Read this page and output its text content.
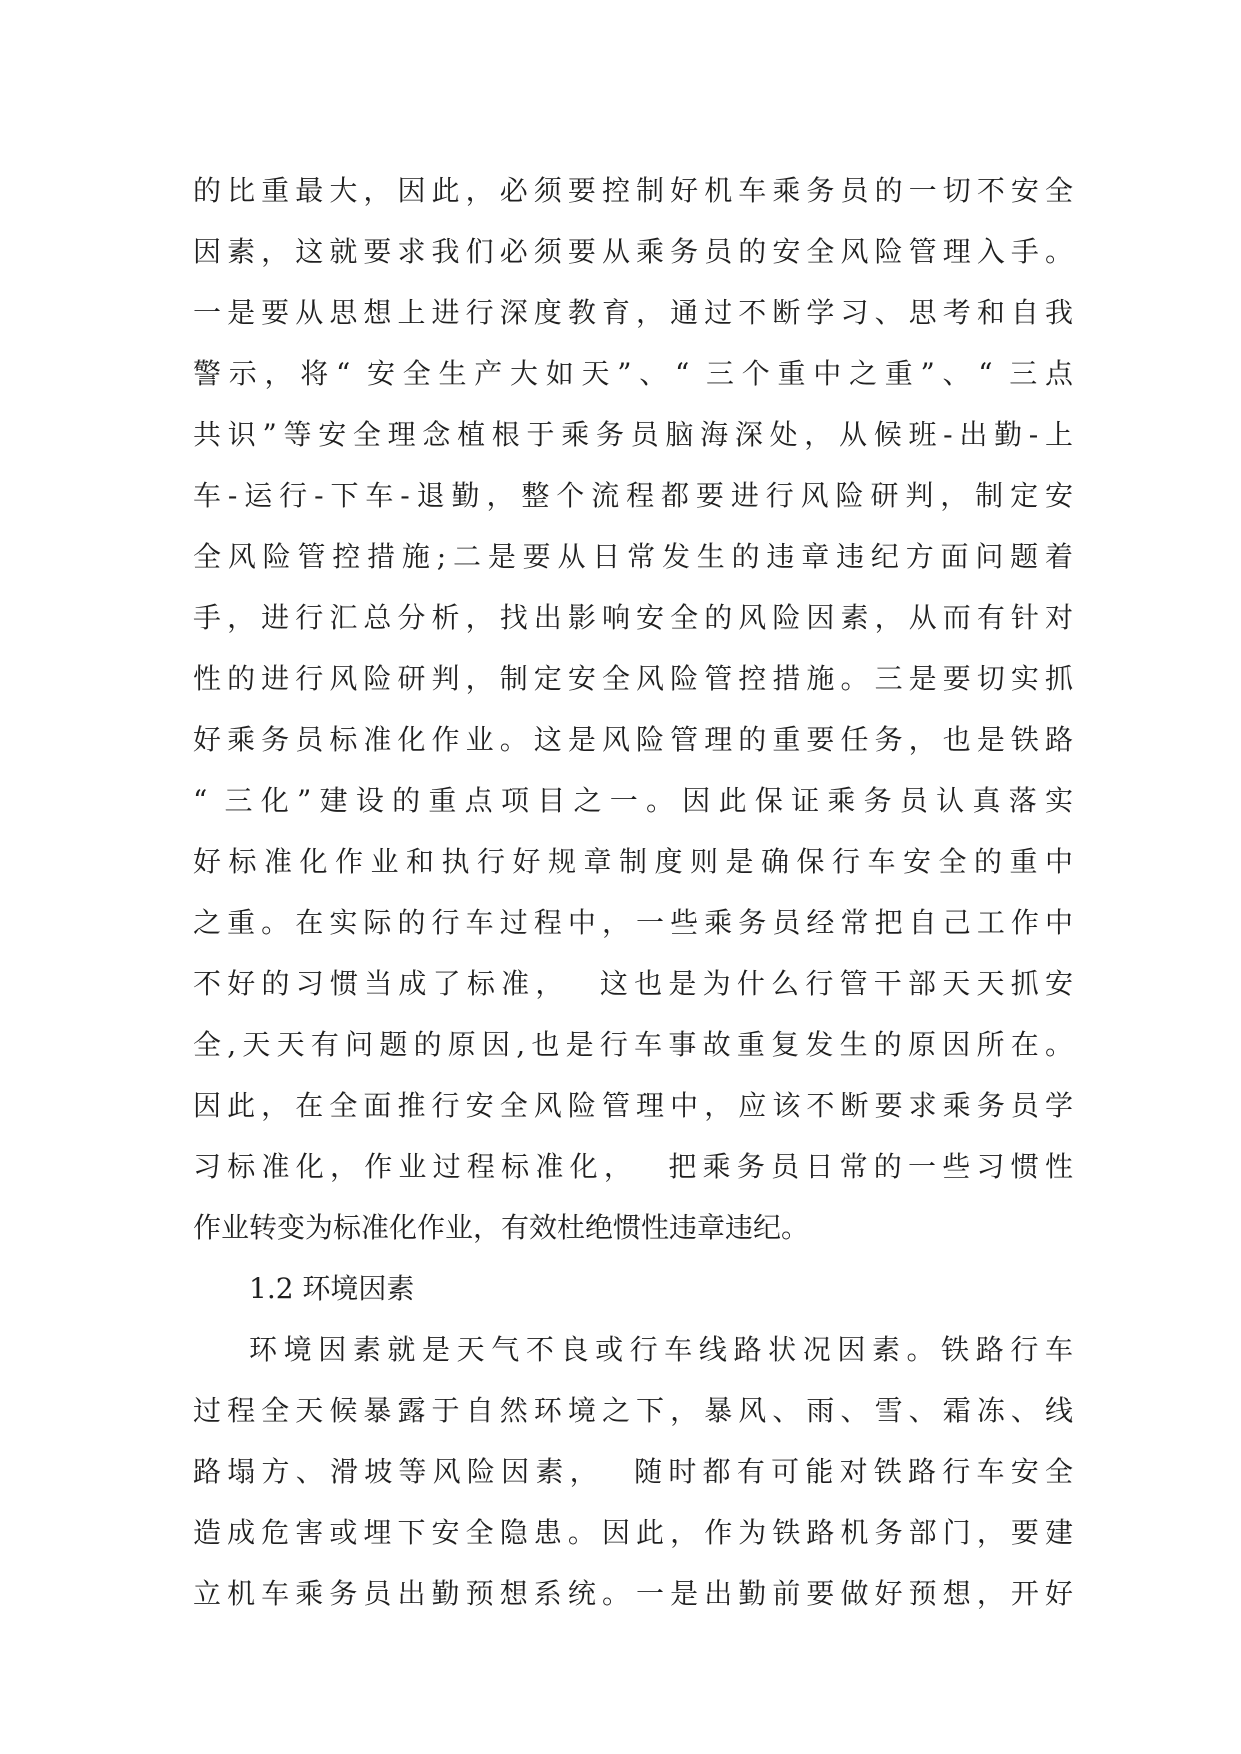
的比重最大，因此，必须要控制好机车乘务员的一切不安全
因素，这就要求我们必须要从乘务员的安全风险管理入手。
一是要从思想上进行深度教育，通过不断学习、思考和自我
警示，将“ 安全生产大如天”、“ 三个重中之重”、“ 三点
共识”等安全理念植根于乘务员脑海深处，从候班-出勤-上
车-运行-下车-退勤，整个流程都要进行风险研判，制定安
全风险管控措施;二是要从日常发生的违章违纪方面问题着
手，进行汇总分析，找出影响安全的风险因素，从而有针对
性的进行风险研判，制定安全风险管控措施。三是要切实抓
好乘务员标准化作业。这是风险管理的重要任务，也是铁路
“ 三化”建设的重点项目之一。因此保证乘务员认真落实
好标准化作业和执行好规章制度则是确保行车安全的重中
之重。在实际的行车过程中，一些乘务员经常把自己工作中
不好的习惯当成了标准，  这也是为什么行管干部天天抓安
全,天天有问题的原因,也是行车事故重复发生的原因所在。
因此，在全面推行安全风险管理中，应该不断要求乘务员学
习标准化，作业过程标准化，  把乘务员日常的一些习惯性
作业转变为标准化作业，有效杜绝惯性违章违纪。
1.2 环境因素
环境因素就是天气不良或行车线路状况因素。铁路行车
过程全天候暴露于自然环境之下，暴风、雨、雪、霜冻、线
路塌方、滑坡等风险因素，  随时都有可能对铁路行车安全
造成危害或埋下安全隐患。因此，作为铁路机务部门，要建
立机车乘务员出勤预想系统。一是出勤前要做好预想，开好
